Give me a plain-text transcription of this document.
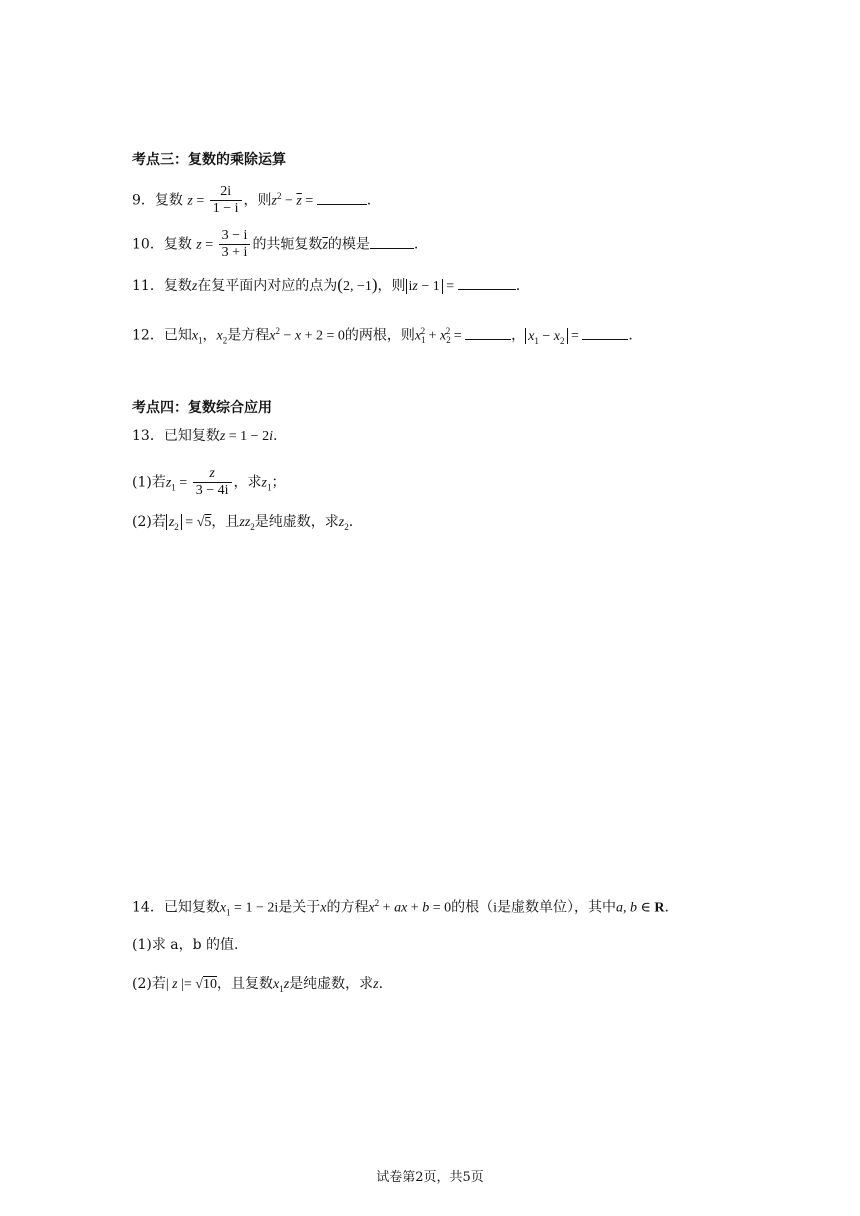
考点三：复数的乘除运算
9．复数 $z = \frac{2i}{1 - i}$ ，则$z^2 - \overline{z}$ =	.
10．复数 $z = \frac{3 - i}{3 + i}$ 的共轭复数$\overline{z}$的模是	.
11．复数z在复平面内对应的点为(2, −1)，则 iz − 1 =	.
12．已知$x_1$，$x_2$是方程$x^2 - x + 2 = 0$的两根，则$x_1^2 + x_2^2$ =	， $x_1 - x_2$ =	.
考点四：复数综合应用
13．已知复数z = 1 − 2i.
(1)若$z_1 = \frac{z}{3 - 4i}$ ，求$z_1$；
(2)若 $z_2 = √5$，且$zz_2$是纯虚数，求$z_2$.
14．已知复数$x_1 = 1 - 2i$是关于x的方程$x^2$ + ax + b = 0的根（i是虚数单位），其中a, b ∈ R.
(1)求 a，b 的值.
(2)若| z |= √10，且复数$x_1z$是纯虚数，求z.
试卷第2页，共5页
